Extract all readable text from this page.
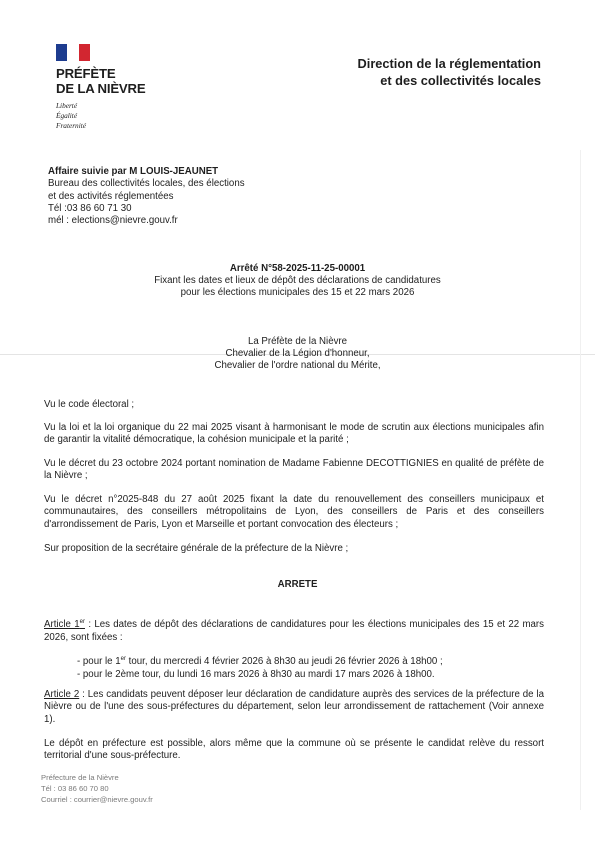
PRÉFÈTE
DE LA NIÈVRE
Liberté
Égalité
Fraternité
Direction de la réglementation
et des collectivités locales
Affaire suivie par M LOUIS-JEAUNET
Bureau des collectivités locales, des élections
et des activités réglementées
Tél :03 86 60 71 30
mél : elections@nievre.gouv.fr
Arrêté N°58-2025-11-25-00001
Fixant les dates et lieux de dépôt des déclarations de candidatures
pour les élections municipales des 15 et 22 mars 2026
La Préfète de la Nièvre
Chevalier de la Légion d'honneur,
Chevalier de l'ordre national du Mérite,
Vu le code électoral ;
Vu la loi et la loi organique du 22 mai 2025 visant à harmonisant le mode de scrutin aux élections municipales afin de garantir la vitalité démocratique, la cohésion municipale et la parité ;
Vu le décret du 23 octobre 2024 portant nomination de Madame Fabienne DECOTTIGNIES en qualité de préfète de la Nièvre ;
Vu le décret n°2025-848 du 27 août 2025 fixant la date du renouvellement des conseillers municipaux et communautaires, des conseillers métropolitains de Lyon, des conseillers de Paris et des conseillers d'arrondissement de Paris, Lyon et Marseille et portant convocation des électeurs ;
Sur proposition de la secrétaire générale de la préfecture de la Nièvre ;
ARRETE
Article 1er : Les dates de dépôt des déclarations de candidatures pour les élections municipales des 15 et 22 mars 2026, sont fixées :
- pour le 1er tour, du mercredi 4 février 2026 à 8h30 au jeudi 26 février 2026 à 18h00 ;
- pour le 2ème tour, du lundi 16 mars 2026 à 8h30 au mardi 17 mars 2026 à 18h00.
Article 2 : Les candidats peuvent déposer leur déclaration de candidature auprès des services de la préfecture de la Nièvre ou de l'une des sous-préfectures du département, selon leur arrondissement de rattachement (Voir annexe 1).
Le dépôt en préfecture est possible, alors même que la commune où se présente le candidat relève du ressort territorial d'une sous-préfecture.
Préfecture de la Nièvre
Tél : 03 86 60 70 80
Courriel : courrier@nievre.gouv.fr
